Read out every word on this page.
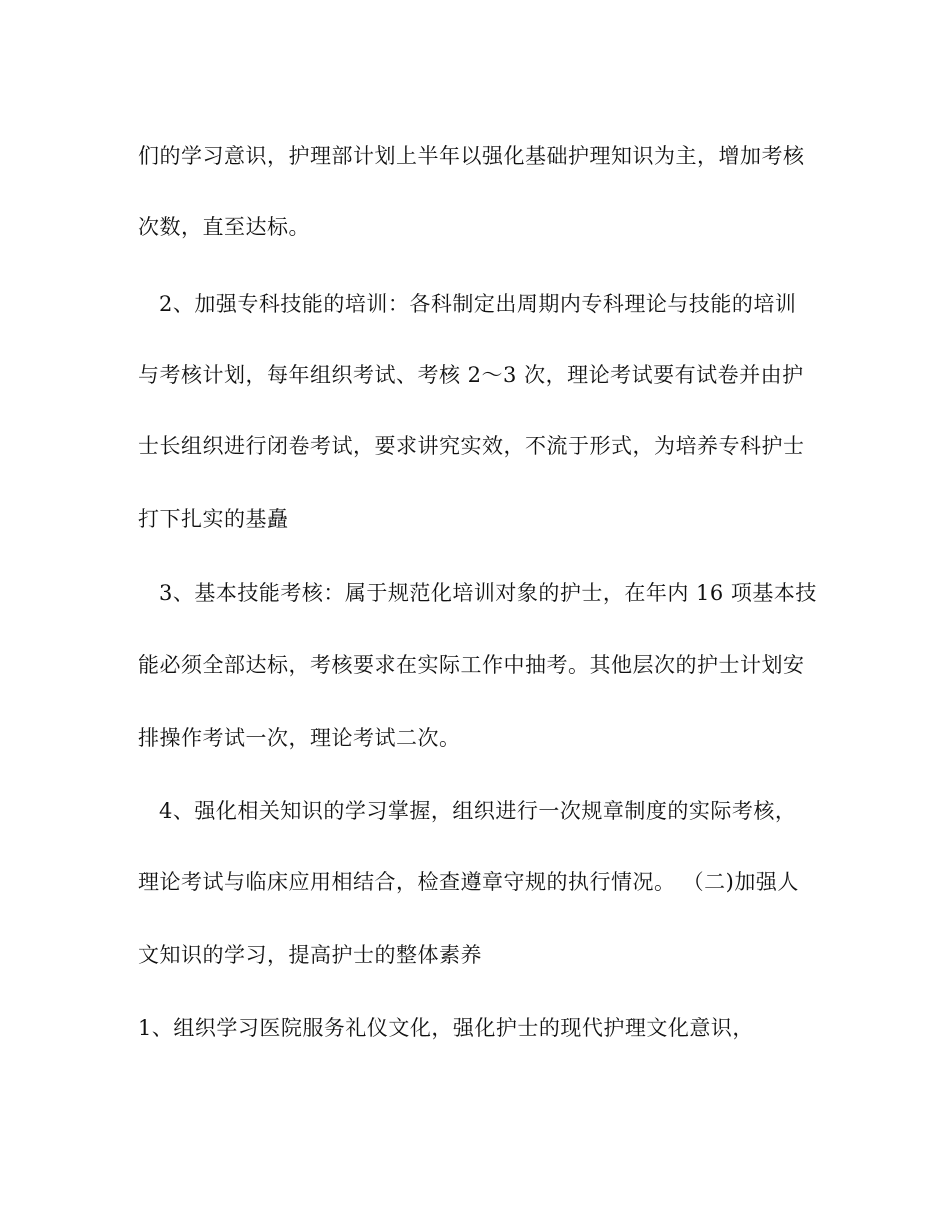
们的学习意识，护理部计划上半年以强化基础护理知识为主，增加考核

次数，直至达标。

2、加强专科技能的培训：各科制定出周期内专科理论与技能的培训

与考核计划，每年组织考试、考核 2～3 次，理论考试要有试卷并由护

士长组织进行闭卷考试，要求讲究实效，不流于形式，为培养专科护士

打下扎实的基矗

3、基本技能考核：属于规范化培训对象的护士，在年内 16 项基本技

能必须全部达标，考核要求在实际工作中抽考。其他层次的护士计划安

排操作考试一次，理论考试二次。

4、强化相关知识的学习掌握，组织进行一次规章制度的实际考核，

理论考试与临床应用相结合，检查遵章守规的执行情况。 （二)加强人

文知识的学习，提高护士的整体素养

1、组织学习医院服务礼仪文化，强化护士的现代护理文化意识，
